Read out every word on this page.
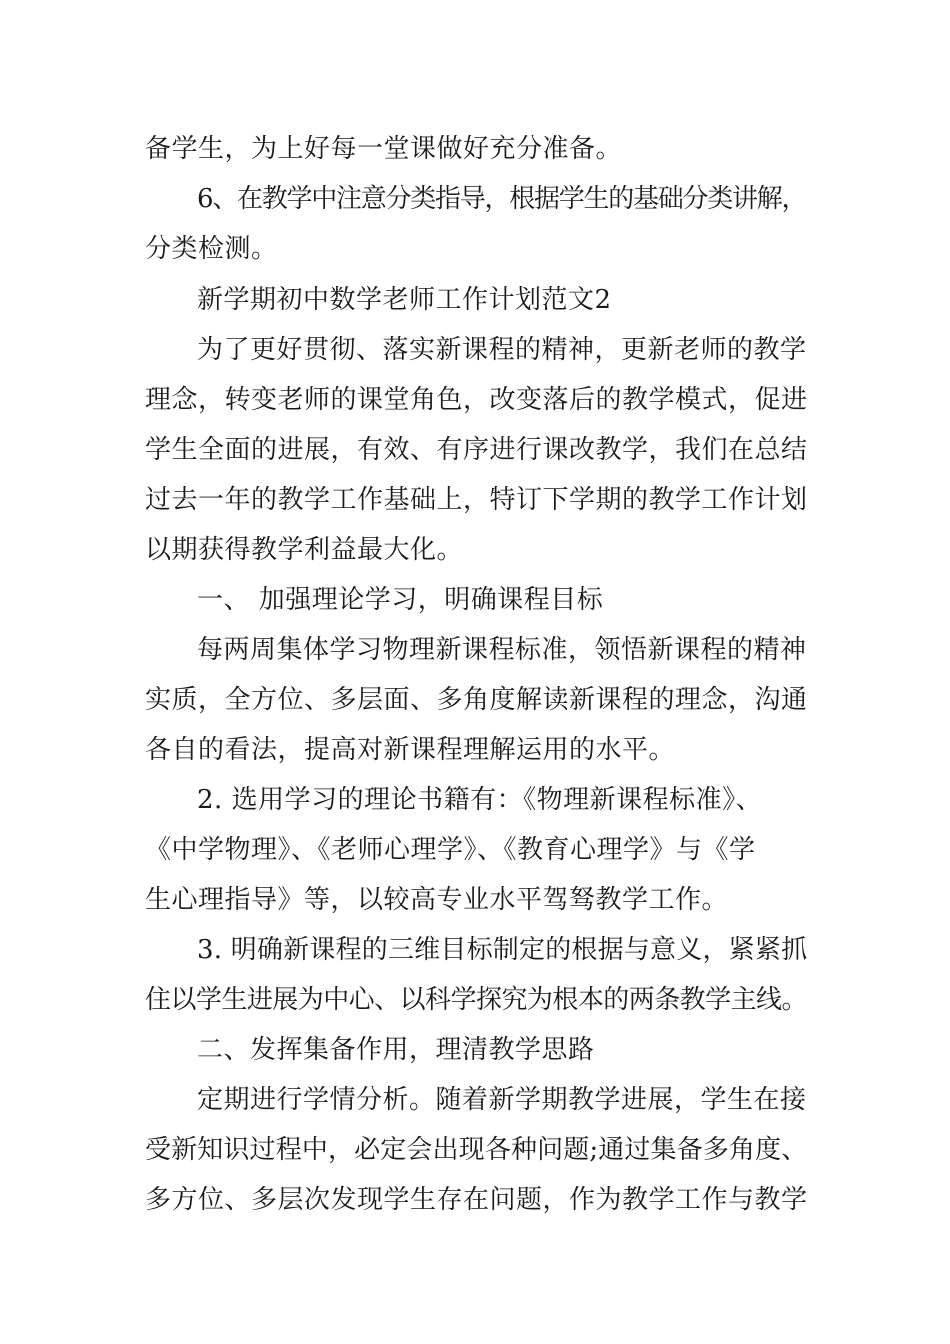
备学生，为上好每一堂课做好充分准备。
6、在教学中注意分类指导，根据学生的基础分类讲解，
分类检测。
新学期初中数学老师工作计划范文2
为了更好贯彻、落实新课程的精神，更新老师的教学
理念，转变老师的课堂角色，改变落后的教学模式，促进
学生全面的进展，有效、有序进行课改教学，我们在总结
过去一年的教学工作基础上，特订下学期的教学工作计划
以期获得教学利益最大化。
一、 加强理论学习，明确课程目标
每两周集体学习物理新课程标准，领悟新课程的精神
实质，全方位、多层面、多角度解读新课程的理念，沟通
各自的看法，提高对新课程理解运用的水平。
2. 选用学习的理论书籍有：《物理新课程标准》、
《中学物理》、《老师心理学》、《教育心理学》与《学
生心理指导》等，以较高专业水平驾驽教学工作。
3. 明确新课程的三维目标制定的根据与意义，紧紧抓
住以学生进展为中心、以科学探究为根本的两条教学主线。
二、发挥集备作用，理清教学思路
定期进行学情分析。随着新学期教学进展，学生在接
受新知识过程中，必定会出现各种问题;通过集备多角度、
多方位、多层次发现学生存在问题，作为教学工作与教学
